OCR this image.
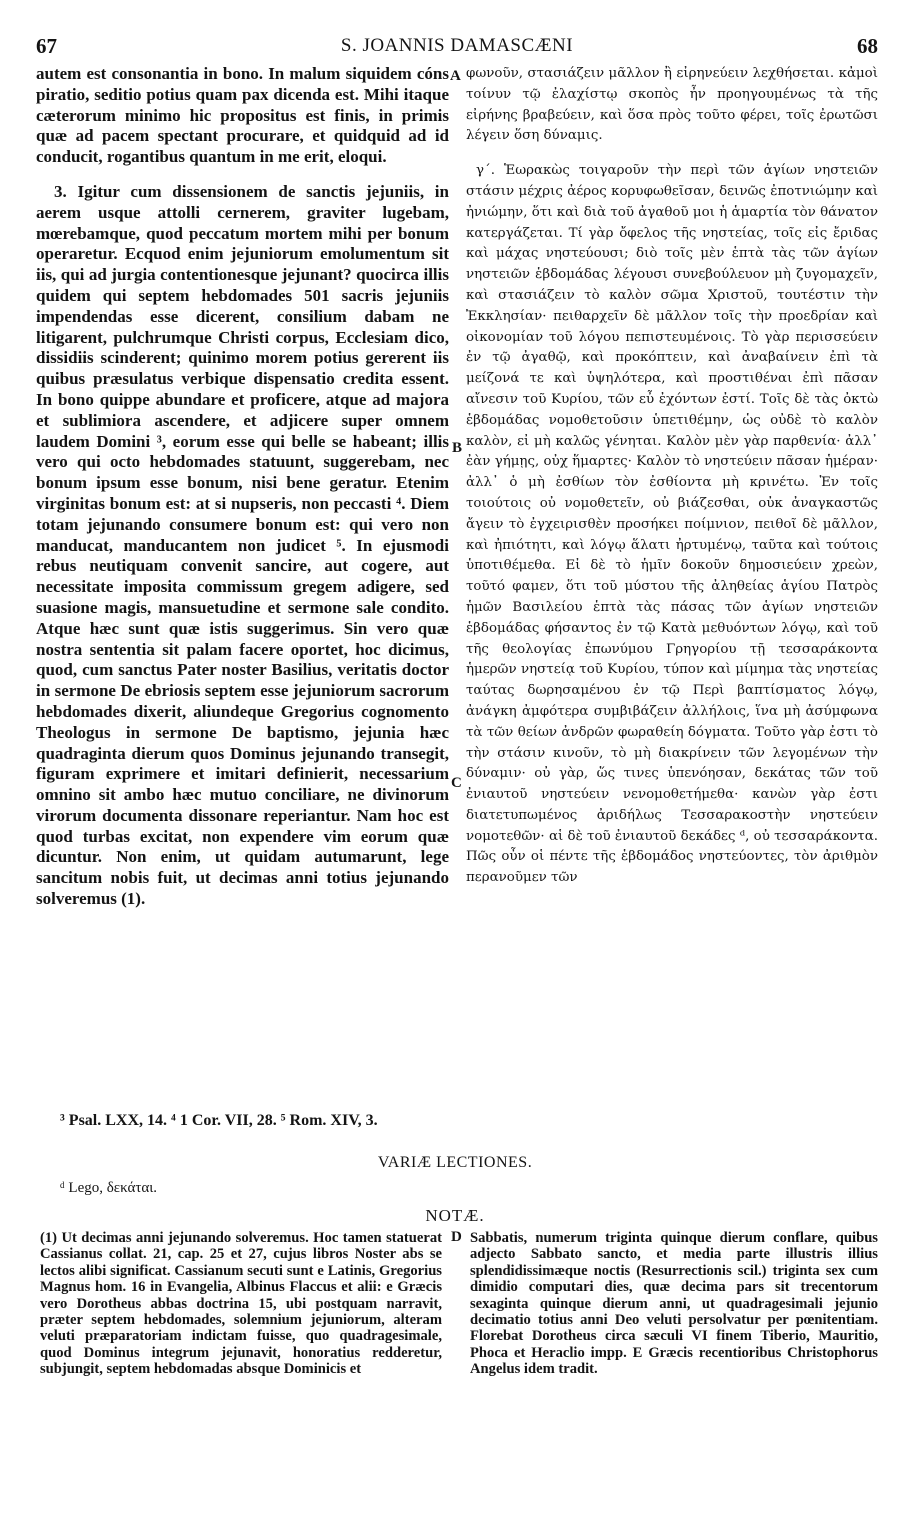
67	S. JOANNIS DAMASCÆNI	68

autem est consonantia in bono. In malum siquidem cóns piratio, seditio potius quam pax dicenda est. Mihi itaque cæterorum minimo hic propositus est finis, in primis quæ ad pacem spectant procurare, et quidquid ad id conducit, rogantibus quantum in me erit, eloqui.

3. Igitur cum dissensionem de sanctis jejuniis, in aerem usque attolli cernerem, graviter lugebam, mœrebamque, quod peccatum mortem mihi per bonum operaretur. Ecquod enim jejuniorum emolumentum sit iis, qui ad jurgia contentionesque jejunant? quocirca illis quidem qui septem hebdomades 501 sacris jejuniis impendendas esse dicerent, consilium dabam ne litigarent, pulchrumque Christi corpus, Ecclesiam dico, dissidiis scinderent; quinimo morem potius gererent iis quibus præsulatus verbique dispensatio credita essent. In bono quippe abundare et proficere, atque ad majora et sublimiora ascendere, et adjicere super omnem laudem Domini ³, eorum esse qui belle se habeant; illis vero qui octo hebdomades statuunt, suggerebam, nec bonum ipsum esse bonum, nisi bene geratur. Etenim virginitas bonum est: at si nupseris, non peccasti ⁴. Diem totam jejunando consumere bonum est: qui vero non manducat, manducantem non judicet ⁵. In ejusmodi rebus neutiquam convenit sancire, aut cogere, aut necessitate imposita commissum gregem adigere, sed suasione magis, mansuetudine et sermone sale condito. Atque hæc sunt quæ istis suggerimus. Sin vero quæ nostra sententia sit palam facere oportet, hoc dicimus, quod, cum sanctus Pater noster Basilius, veritatis doctor in sermone De ebriosis septem esse jejuniorum sacrorum hebdomades dixerit, aliundeque Gregorius cognomento Theologus in sermone De baptismo, jejunia hæc quadraginta dierum quos Dominus jejunando transegit, figuram exprimere et imitari definierit, necessarium omnino sit ambo hæc mutuo conciliare, ne divinorum virorum documenta dissonare reperiantur. Nam hoc est quod turbas excitat, non expendere vim eorum quæ dicuntur. Non enim, ut quidam autumarunt, lege sancitum nobis fuit, ut decimas anni totius jejunando solveremus (1).

A
B
C
D

φωνοῦν, στασιάζειν μᾶλλον ἢ εἰρηνεύειν λεχθήσεται. κἀμοὶ τοίνυν τῷ ἐλαχίστῳ σκοπὸς ἦν προηγουμένως τὰ τῆς εἰρήνης βραβεύειν, καὶ ὅσα πρὸς τοῦτο φέρει, τοῖς ἐρωτῶσι λέγειν ὅση δύναμις.

γ΄. Ἑωρακὼς τοιγαροῦν τὴν περὶ τῶν ἁγίων νηστειῶν στάσιν μέχρις ἀέρος κορυφωθεῖσαν, δεινῶς ἐποτνιώμην καὶ ἠνιώμην, ὅτι καὶ διὰ τοῦ ἀγαθοῦ μοι ἡ ἁμαρτία τὸν θάνατον κατεργάζεται. Τί γὰρ ὄφελος τῆς νηστείας, τοῖς εἰς ἔριδας καὶ μάχας νηστεύουσι; διὸ τοῖς μὲν ἑπτὰ τὰς τῶν ἁγίων νηστειῶν ἑβδομάδας λέγουσι συνεβούλευον μὴ ζυγομαχεῖν, καὶ στασιάζειν τὸ καλὸν σῶμα Χριστοῦ, τουτέστιν τὴν Ἐκκλησίαν· πειθαρχεῖν δὲ μᾶλλον τοῖς τὴν προεδρίαν καὶ οἰκονομίαν τοῦ λόγου πεπιστευμένοις. Τὸ γὰρ περισσεύειν ἐν τῷ ἀγαθῷ, καὶ προκόπτειν, καὶ ἀναβαίνειν ἐπὶ τὰ μείζονά τε καὶ ὑψηλότερα, καὶ προστιθέναι ἐπὶ πᾶσαν αἴνεσιν τοῦ Κυρίου, τῶν εὖ ἐχόντων ἐστί. Τοῖς δὲ τὰς ὀκτὼ ἑβδομάδας νομοθετοῦσιν ὑπετιθέμην, ὡς οὐδὲ τὸ καλὸν καλὸν, εἰ μὴ καλῶς γένηται. Καλὸν μὲν γὰρ παρθενία· ἀλλ᾿ ἐὰν γήμῃς, οὐχ ἥμαρτες· Καλὸν τὸ νηστεύειν πᾶσαν ἡμέραν· ἀλλ᾿ ὁ μὴ ἐσθίων τὸν ἐσθίοντα μὴ κρινέτω. Ἐν τοῖς τοιούτοις οὐ νομοθετεῖν, οὐ βιάζεσθαι, οὐκ ἀναγκαστῶς ἄγειν τὸ ἐγχειρισθὲν προσήκει ποίμνιον, πειθοῖ δὲ μᾶλλον, καὶ ἠπιότητι, καὶ λόγῳ ἅλατι ἠρτυμένῳ, ταῦτα καὶ τούτοις ὑποτιθέμεθα. Εἰ δὲ τὸ ἡμῖν δοκοῦν δημοσιεύειν χρεὼν, τοῦτό φαμεν, ὅτι τοῦ μύστου τῆς ἀληθείας ἁγίου Πατρὸς ἡμῶν Βασιλείου ἑπτὰ τὰς πάσας τῶν ἁγίων νηστειῶν ἑβδομάδας φήσαντος ἐν τῷ Κατὰ μεθυόντων λόγῳ, καὶ τοῦ τῆς θεολογίας ἐπωνύμου Γρηγορίου τῇ τεσσαράκοντα ἡμερῶν νηστείᾳ τοῦ Κυρίου, τύπον καὶ μίμημα τὰς νηστείας ταύτας δωρησαμένου ἐν τῷ Περὶ βαπτίσματος λόγῳ, ἀνάγκη ἀμφότερα συμβιβάζειν ἀλλήλοις, ἵνα μὴ ἀσύμφωνα τὰ τῶν θείων ἀνδρῶν φωραθείη δόγματα. Τοῦτο γὰρ ἐστι τὸ τὴν στάσιν κινοῦν, τὸ μὴ διακρίνειν τῶν λεγομένων τὴν δύναμιν· οὐ γὰρ, ὥς τινες ὑπενόησαν, δεκάτας τῶν τοῦ ἐνιαυτοῦ νηστεύειν νενομοθετήμεθα· κανὼν γὰρ ἐστι διατετυπωμένος ἀριδήλως Τεσσαρακοστὴν νηστεύειν νομοτεθῶν· αἱ δὲ τοῦ ἐνιαυτοῦ δεκάδες ᵈ, οὐ τεσσαράκοντα. Πῶς οὖν οἱ πέντε τῆς ἑβδομάδος νηστεύοντες, τὸν ἀριθμὸν περανοῦμεν τῶν

³ Psal. LXX, 14. ⁴ 1 Cor. VII, 28. ⁵ Rom. XIV, 3.
VARIÆ LECTIONES.
ᵈ Lego, δεκάται.
NOTÆ.

(1) Ut decimas anni jejunando solveremus. Hoc tamen statuerat Cassianus collat. 21, cap. 25 et 27, cujus libros Noster abs se lectos alibi significat. Cassianum secuti sunt e Latinis, Gregorius Magnus hom. 16 in Evangelia, Albinus Flaccus et alii: e Græcis vero Dorotheus abbas doctrina 15, ubi postquam narravit, præter septem hebdomades, solemnium jejuniorum, alteram veluti præparatoriam indictam fuisse, quo quadragesimale, quod Dominus integrum jejunavit, honoratius redderetur, subjungit, septem hebdomadas absque Dominicis et

Sabbatis, numerum triginta quinque dierum conflare, quibus adjecto Sabbato sancto, et media parte illustris illius splendidissimæque noctis (Resurrectionis scil.) triginta sex cum dimidio computari dies, quæ decima pars sit trecentorum sexaginta quinque dierum anni, ut quadragesimali jejunio decimatio totius anni Deo veluti persolvatur per pœnitentiam. Florebat Dorotheus circa sæculi VI finem Tiberio, Mauritio, Phoca et Heraclio impp. E Græcis recentioribus Christophorus Angelus idem tradit.
